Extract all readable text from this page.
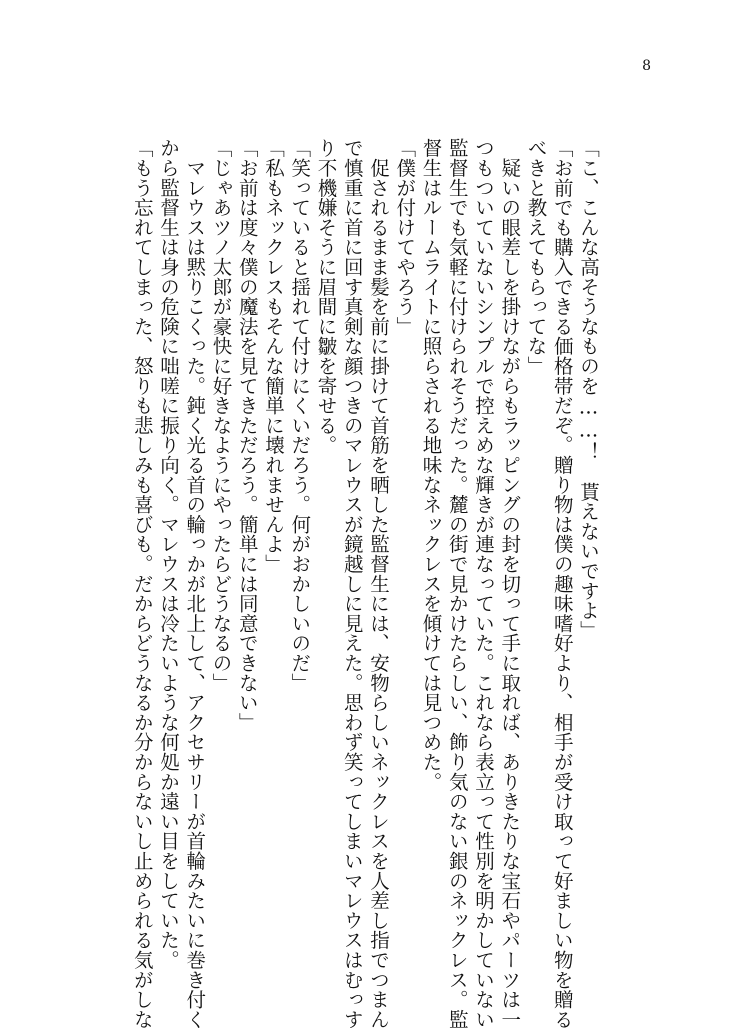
8

「こ、こんな高そうなものを……！　貰えないですよ」

「お前でも購入できる価格帯だぞ。贈り物は僕の趣味嗜好より、相手が受け取って好ましい物を贈る

べきと教えてもらってな」

　疑いの眼差しを掛けながらもラッピングの封を切って手に取れば、ありきたりな宝石やパーツは一

つもついていないシンプルで控えめな輝きが連なっていた。これなら表立って性別を明かしていない

監督生でも気軽に付けられそうだった。麓の街で見かけたらしい、飾り気のない銀のネックレス。監

督生はルームライトに照らされる地味なネックレスを傾けては見つめた。

「僕が付けてやろう」

　促されるまま髪を前に掛けて首筋を晒した監督生には、安物らしいネックレスを人差し指でつまん

で慎重に首に回す真剣な顔つきのマレウスが鏡越しに見えた。思わず笑ってしまいマレウスはむっす

り不機嫌そうに眉間に皺を寄せる。

「笑っていると揺れて付けにくいだろう。何がおかしいのだ」

「私もネックレスもそんな簡単に壊れませんよ」

「お前は度々僕の魔法を見てきただろう。簡単には同意できない」

「じゃあツノ太郎が豪快に好きなようにやったらどうなるの」

　マレウスは黙りこくった。鈍く光る首の輪っかが北上して、アクセサリーが首輪みたいに巻き付く

から監督生は身の危険に咄嗟に振り向く。マレウスは冷たいような何処か遠い目をしていた。

「もう忘れてしまった、怒りも悲しみも喜びも。だからどうなるか分からないし止められる気がしな
